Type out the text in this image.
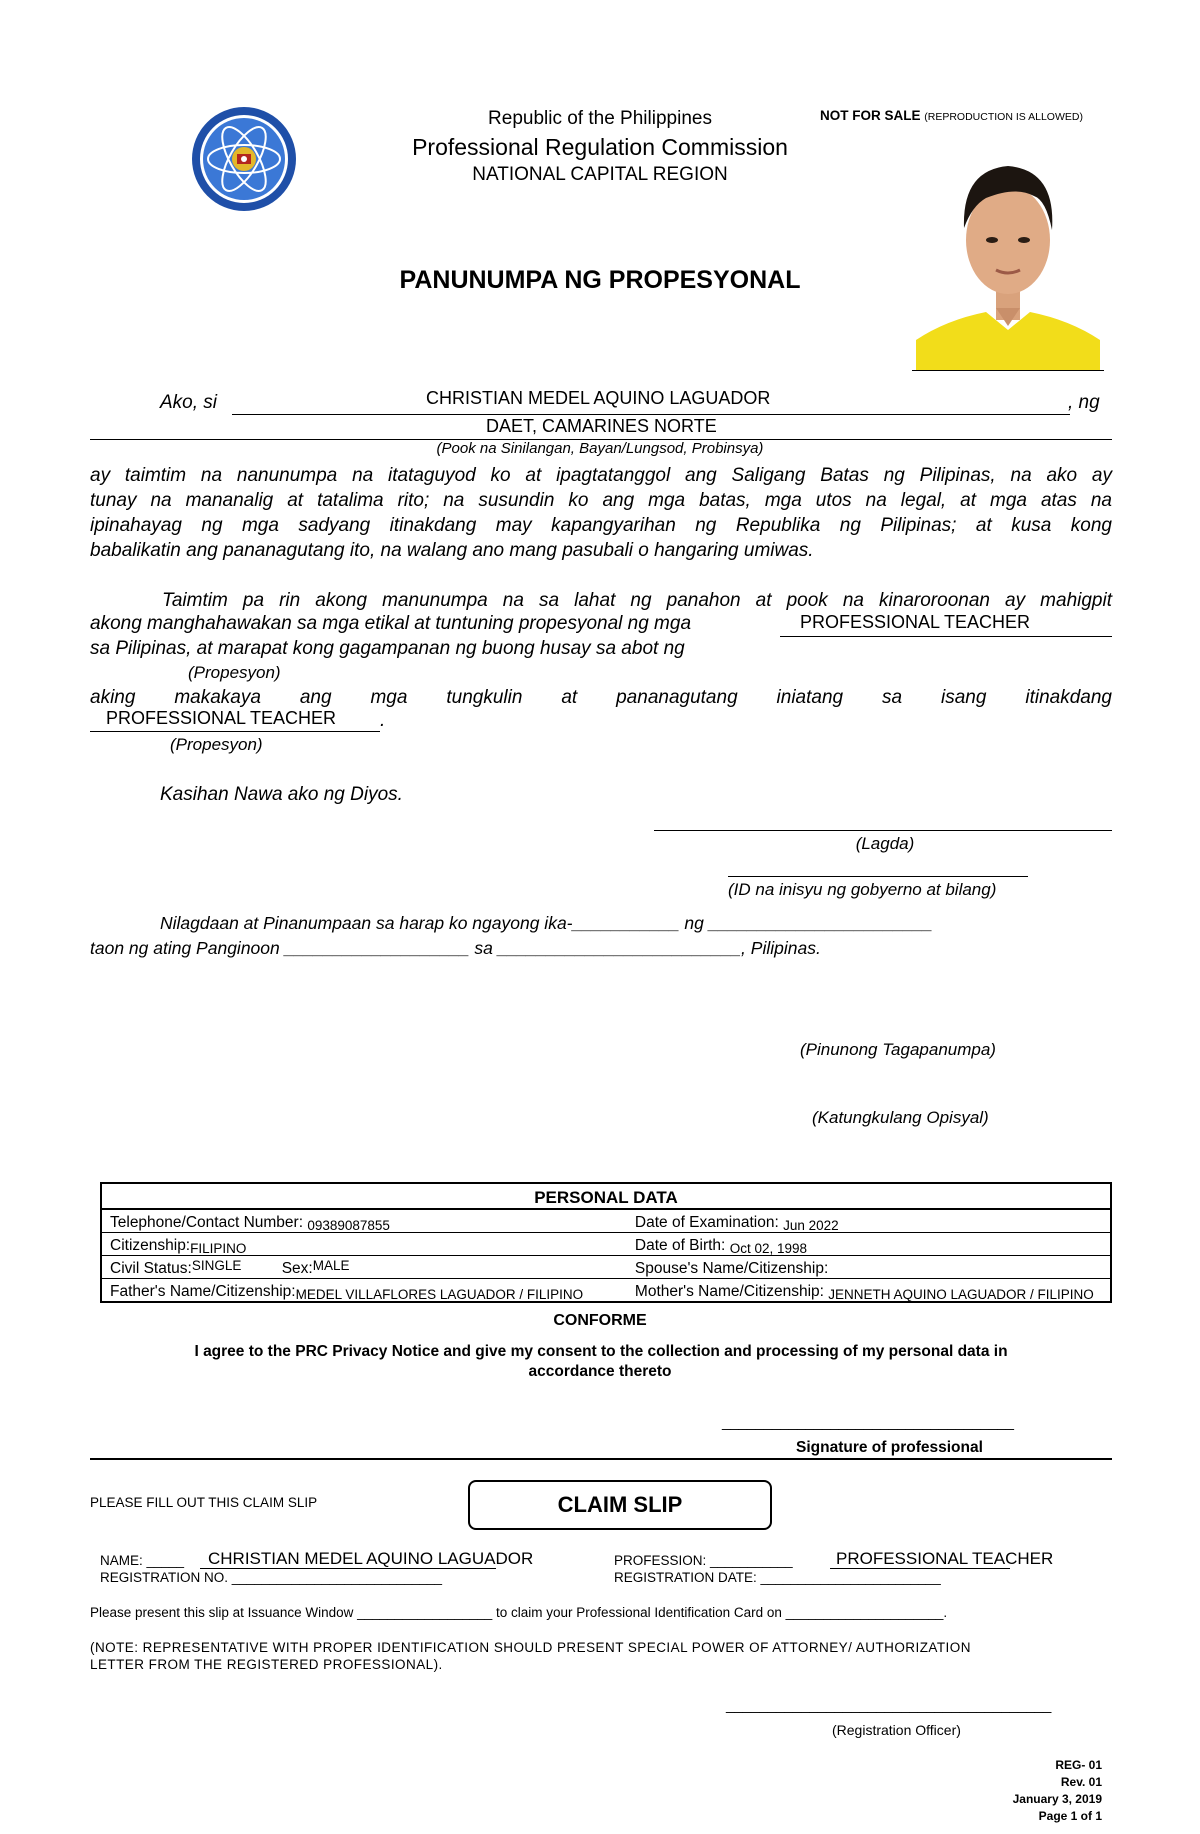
Republic of the Philippines
Professional Regulation Commission
NATIONAL CAPITAL REGION
NOT FOR SALE (REPRODUCTION IS ALLOWED)
PANUNUMPA NG PROPESYONAL
Ako, si	CHRISTIAN MEDEL AQUINO LAGUADOR	, ng
DAET, CAMARINES NORTE
(Pook na Sinilangan, Bayan/Lungsod, Probinsya)
ay taimtim na nanunumpa na itataguyod ko at ipagtatanggol ang Saligang Batas ng Pilipinas, na ako ay
tunay na mananalig at tatalima rito; na susundin ko ang mga batas, mga utos na legal, at mga atas na
ipinahayag ng mga sadyang itinakdang may kapangyarihan ng Republika ng Pilipinas; at kusa kong
babalikatin ang pananagutang ito, na walang ano mang pasubali o hangaring umiwas.
Taimtim pa rin akong manunumpa na sa lahat ng panahon at pook na kinaroroonan ay mahigpit
akong manghahawakan sa mga etikal at tuntuning propesyonal ng mga	PROFESSIONAL TEACHER
sa Pilipinas, at marapat kong gagampanan ng buong husay sa abot ng
(Propesyon)
aking makakaya ang mga tungkulin at pananagutang iniatang sa isang itinakdang
PROFESSIONAL TEACHER .
(Propesyon)
Kasihan Nawa ako ng Diyos.
(Lagda)
(ID na inisyu ng gobyerno at bilang)
Nilagdaan at Pinanumpaan sa harap ko ngayong ika-___________ ng _______________________
taon ng ating Panginoon ___________________ sa _________________________, Pilipinas.
(Pinunong Tagapanumpa)
(Katungkulang Opisyal)
PERSONAL DATA	
Telephone/Contact Number: 09389087855	Date of Examination: Jun 2022
Citizenship:FILIPINO	Date of Birth: Oct 02, 1998
Civil Status:SINGLE Sex:MALE	Spouse's Name/Citizenship:
Father's Name/Citizenship:MEDEL VILLAFLORES LAGUADOR / FILIPINO	Mother's Name/Citizenship: JENNETH AQUINO LAGUADOR / FILIPINO
CONFORME
I agree to the PRC Privacy Notice and give my consent to the collection and processing of my personal data in
accordance thereto
___________________________________
Signature of professional
PLEASE FILL OUT THIS CLAIM SLIP	CLAIM SLIP
NAME: _____ CHRISTIAN MEDEL AQUINO LAGUADOR
REGISTRATION NO. ____________________________
PROFESSION: ___________	PROFESSIONAL TEACHER
REGISTRATION DATE: ________________________
Please present this slip at Issuance Window __________________ to claim your Professional Identification Card on _____________________.
(NOTE: REPRESENTATIVE WITH PROPER IDENTIFICATION SHOULD PRESENT SPECIAL POWER OF ATTORNEY/ AUTHORIZATION
LETTER FROM THE REGISTERED PROFESSIONAL).
_______________________________________
(Registration Officer)
REG- 01
Rev. 01
January 3, 2019
Page 1 of 1
